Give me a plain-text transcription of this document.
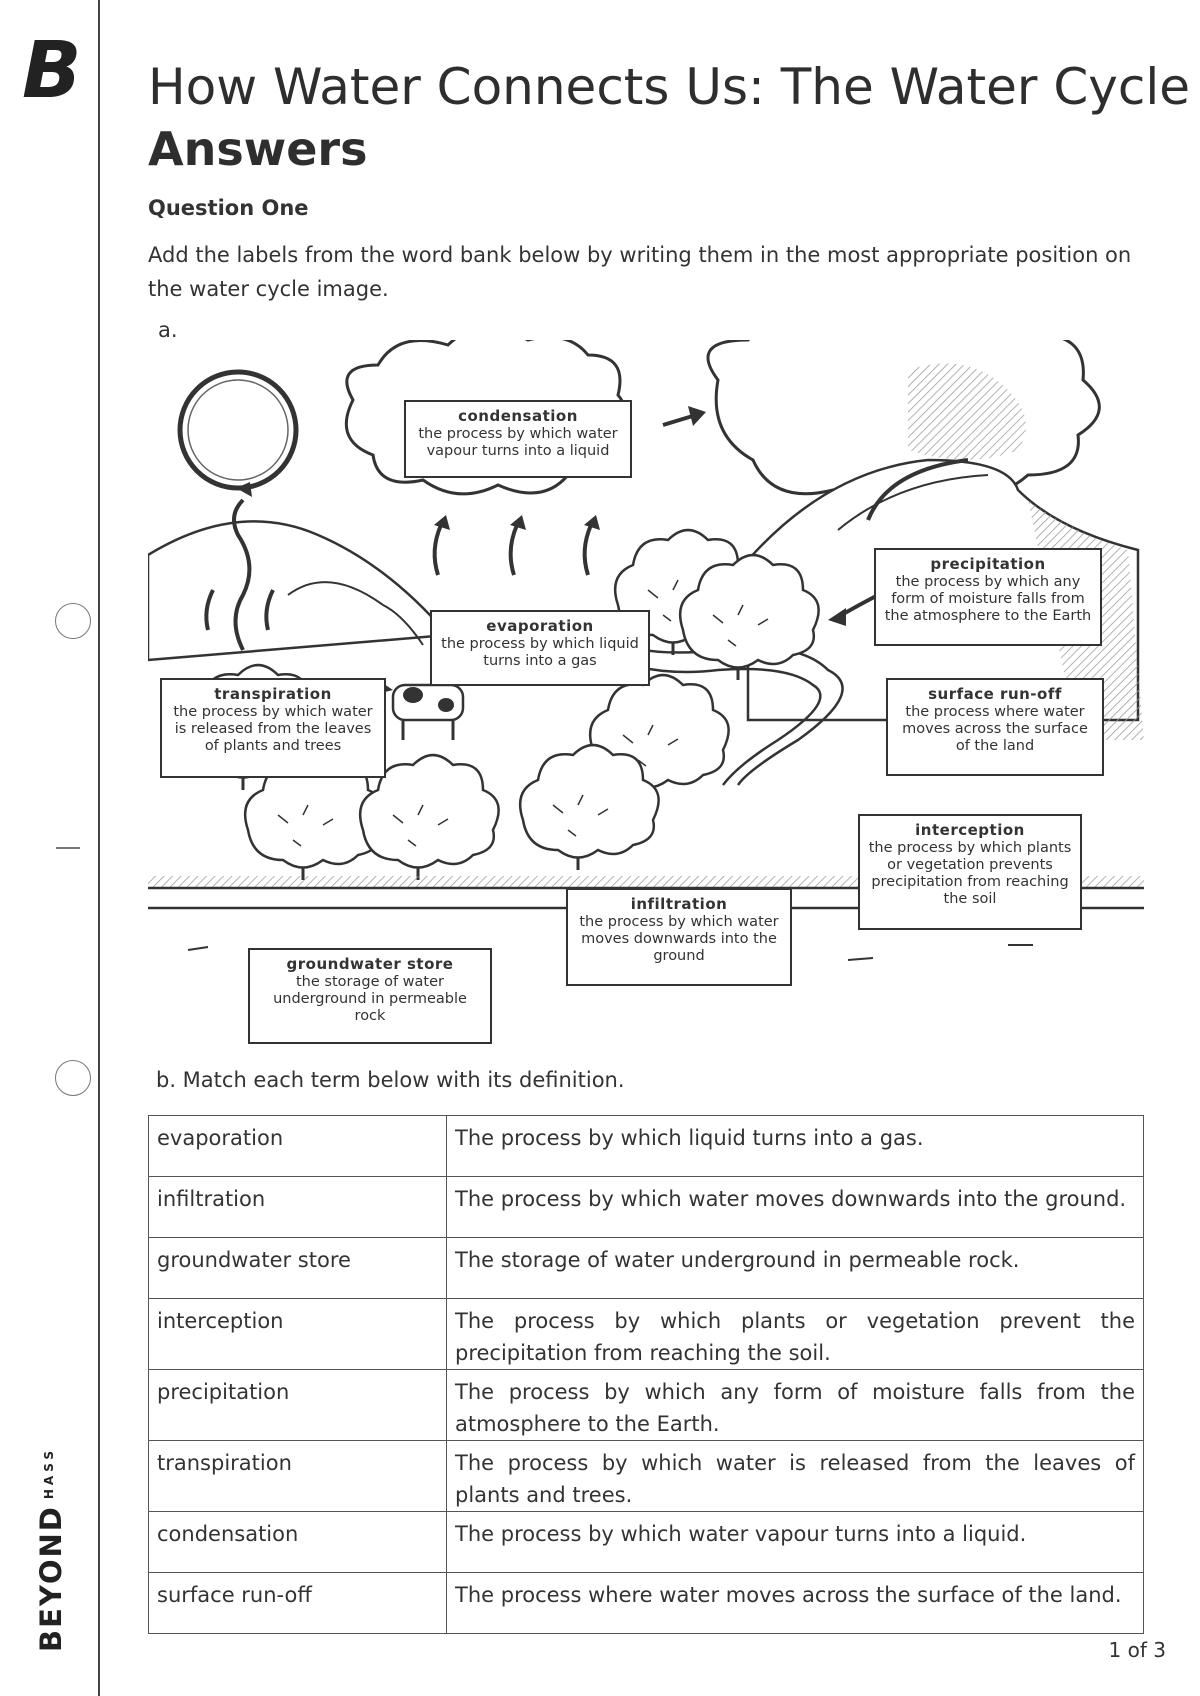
B
$BEYOND^{HASS}$
How Water Connects Us: The Water Cycle
Answers
Question One
Add the labels from the word bank below by writing them in the most appropriate position on the water cycle image.
a.
condensation
the process by which water vapour turns into a liquid
evaporation
the process by which liquid turns into a gas
precipitation
the process by which any form of moisture falls from the atmosphere to the Earth
transpiration
the process by which water is released from the leaves of plants and trees
surface run-off
the process where water moves across the surface of the land
interception
the process by which plants or vegetation prevents precipitation from reaching the soil
infiltration
the process by which water moves downwards into the ground
groundwater store
the storage of water underground in permeable rock
b. Match each term below with its definition.
evaporation	The process by which liquid turns into a gas.
infiltration	The process by which water moves downwards into the ground.
groundwater store	The storage of water underground in permeable rock.
interception	The process by which plants or vegetation prevent the precipitation from reaching the soil.
precipitation	The process by which any form of moisture falls from the atmosphere to the Earth.
transpiration	The process by which water is released from the leaves of plants and trees.
condensation	The process by which water vapour turns into a liquid.
surface run-off	The process where water moves across the surface of the land.
1 of 3
